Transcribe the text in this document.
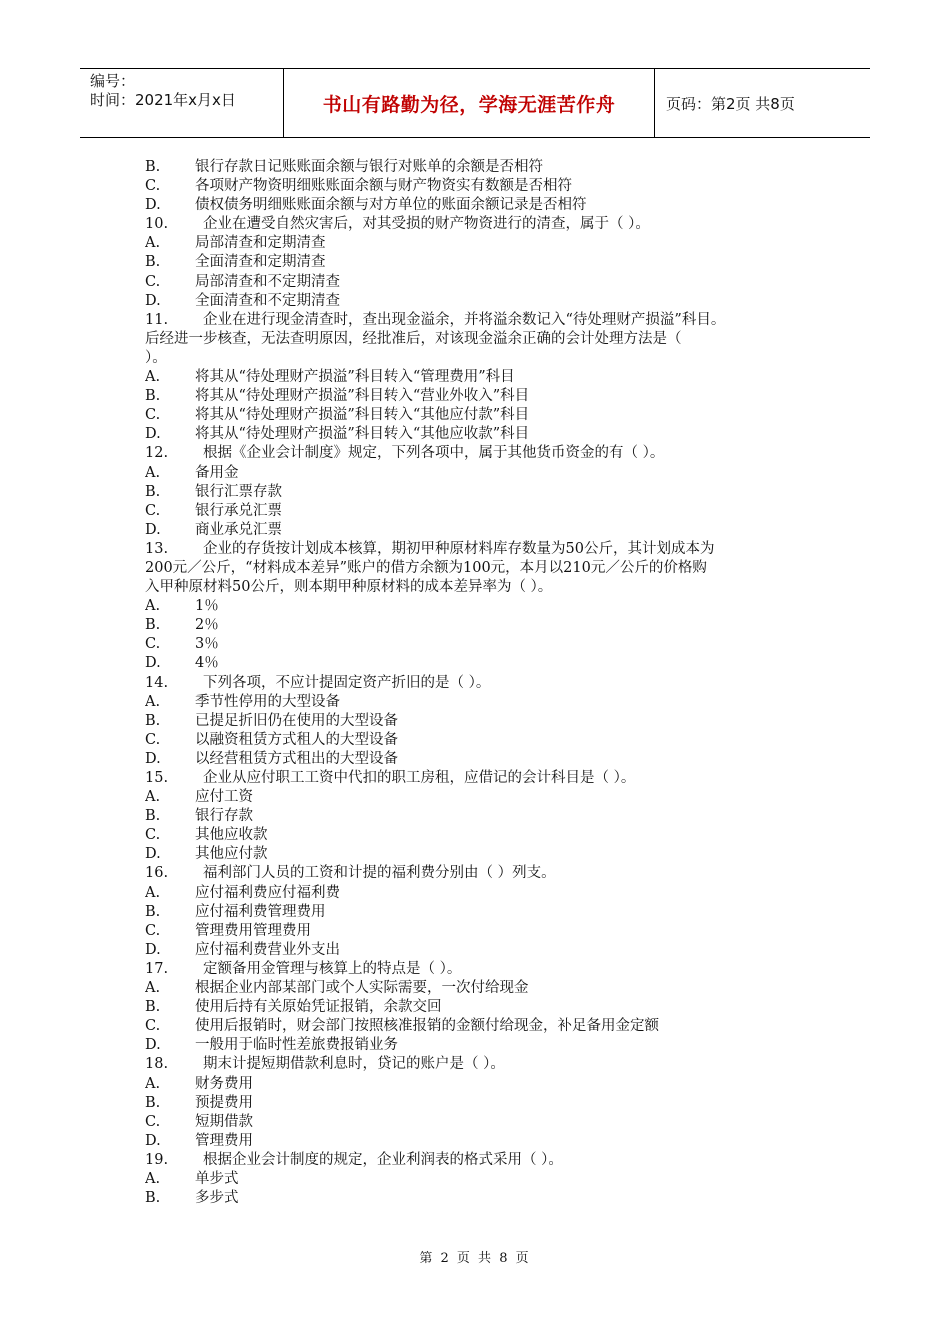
编号：
时间：2021年x月x日	书山有路勤为径，学海无涯苦作舟	页码：第2页 共8页
B. 银行存款日记账账面余额与银行对账单的余额是否相符
C. 各项财产物资明细账账面余额与财产物资实有数额是否相符
D. 债权债务明细账账面余额与对方单位的账面余额记录是否相符
10. 企业在遭受自然灾害后，对其受损的财产物资进行的清查，属于（ ）。
A. 局部清查和定期清查
B. 全面清查和定期清查
C. 局部清查和不定期清查
D. 全面清查和不定期清查
11. 企业在进行现金清查时，查出现金溢余，并将溢余数记入“待处理财产损溢”科目。
后经进一步核查，无法查明原因，经批准后，对该现金溢余正确的会计处理方法是（
）。
A. 将其从“待处理财产损溢”科目转入“管理费用”科目
B. 将其从“待处理财产损溢”科目转入“营业外收入”科目
C. 将其从“待处理财产损溢”科目转入“其他应付款”科目
D. 将其从“待处理财产损溢”科目转入“其他应收款”科目
12. 根据《企业会计制度》规定，下列各项中，属于其他货币资金的有（ ）。
A. 备用金
B. 银行汇票存款
C. 银行承兑汇票
D. 商业承兑汇票
13. 企业的存货按计划成本核算，期初甲种原材料库存数量为50公斤，其计划成本为
200元／公斤，“材料成本差异”账户的借方余额为100元，本月以210元／公斤的价格购
入甲种原材料50公斤，则本期甲种原材料的成本差异率为（ ）。
A. 1％
B. 2％
C. 3％
D. 4％
14. 下列各项，不应计提固定资产折旧的是（ ）。
A. 季节性停用的大型设备
B. 已提足折旧仍在使用的大型设备
C. 以融资租赁方式租人的大型设备
D. 以经营租赁方式租出的大型设备
15. 企业从应付职工工资中代扣的职工房租，应借记的会计科目是（ ）。
A. 应付工资
B. 银行存款
C. 其他应收款
D. 其他应付款
16. 福利部门人员的工资和计提的福利费分别由（ ）列支。
A. 应付福利费应付福利费
B. 应付福利费管理费用
C. 管理费用管理费用
D. 应付福利费营业外支出
17. 定额备用金管理与核算上的特点是（ ）。
A. 根据企业内部某部门或个人实际需要，一次付给现金
B. 使用后持有关原始凭证报销，余款交回
C. 使用后报销时，财会部门按照核准报销的金额付给现金，补足备用金定额
D. 一般用于临时性差旅费报销业务
18. 期末计提短期借款利息时，贷记的账户是（ ）。
A. 财务费用
B. 预提费用
C. 短期借款
D. 管理费用
19. 根据企业会计制度的规定，企业利润表的格式采用（ ）。
A. 单步式
B. 多步式
第 2 页 共 8 页
